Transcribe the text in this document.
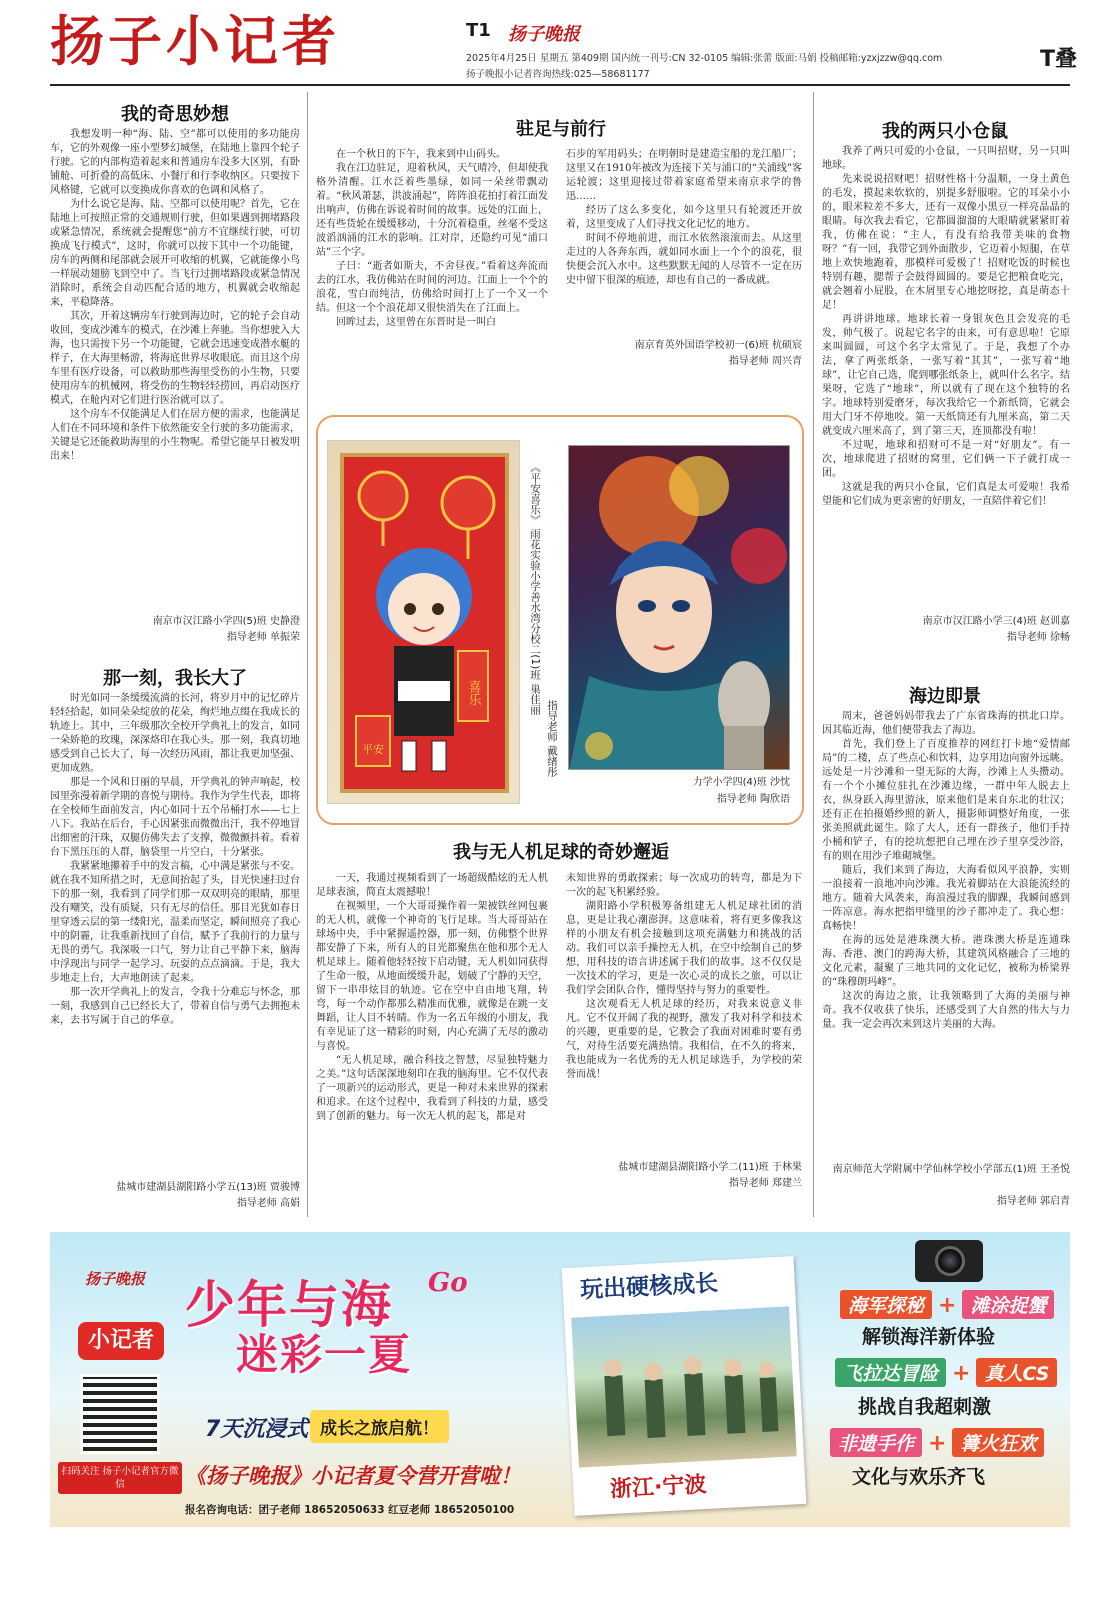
扬子小记者	T1 扬子晚报
2025年4月25日 星期五 第409期 国内统一刊号:CN 32-0105 编辑:张蕾 版面:马娟 投稿邮箱:yzxjzzw@qq.com
扬子晚报小记者咨询热线:025—58681177
T叠
我的奇思妙想

我想发明一种“海、陆、空”都可以使用的多功能房车，它的外观像一座小型梦幻城堡，在陆地上靠四个轮子行驶。它的内部构造着起来和普通房车没多大区别，有卧铺舱、可折叠的高低床、小餐厅和行李收纳区。只要按下风格键，它就可以变换成你喜欢的色调和风格了。

为什么说它是海、陆、空都可以使用呢？首先，它在陆地上可按照正常的交通规则行驶，但如果遇到拥堵路段或紧急情况，系统就会提醒您“前方不宜继续行驶，可切换成飞行模式”，这时，你就可以按下其中一个功能键，房车的两侧和尾部就会展开可收缩的机翼，它就能像小鸟一样展动翅膀飞到空中了。当飞行过拥堵路段或紧急情况消除时，系统会自动匹配合适的地方，机翼就会收缩起来，平稳降落。

其次，开着这辆房车行驶到海边时，它的轮子会自动收回，变成沙滩车的模式，在沙滩上奔驰。当你想驶入大海，也只需按下另一个功能键，它就会迅速变成潜水艇的样子，在大海里畅游，将海底世界尽收眼底。而且这个房车里有医疗设备，可以救助那些海里受伤的小生物，只要使用房车的机械网，将受伤的生物轻轻捞回，再启动医疗模式，在舱内对它们进行医治就可以了。

这个房车不仅能满足人们在居方便的需求，也能满足人们在不同环境和条件下依然能安全行驶的多功能需求，关键是它还能救助海里的小生物呢。希望它能早日被发明出来！

南京市汉江路小学四(5)班 史静澄
指导老师 单振荣
那一刻，我长大了

时光如同一条缓缓流淌的长河，将岁月中的记忆碎片轻轻拾起，如同朵朵绽放的花朵，绚烂地点缀在我成长的轨迹上。其中，三年级那次全校开学典礼上的发言，如同一朵娇艳的玫瑰，深深烙印在我心头。那一刻，我真切地感受到自己长大了，每一次经历风雨，都让我更加坚强、更加成熟。

那是一个风和日丽的早晨，开学典礼的钟声响起，校园里弥漫着新学期的喜悦与期待。我作为学生代表，即将在全校师生面前发言，内心如同十五个吊桶打水——七上八下。我站在后台，手心因紧张而微微出汗，我不停地冒出细密的汗珠，双腿仿佛失去了支撑，微微颤抖着。看着台下黑压压的人群，脑袋里一片空白，十分紧张。

我紧紧地攥着手中的发言稿，心中满是紧张与不安。就在我不知所措之时，无意间抬起了头，目光快速扫过台下的那一刻，我看到了同学们那一双双明亮的眼睛，那里没有嘲笑，没有质疑，只有无尽的信任。那目光犹如春日里穿透云层的第一缕阳光，温柔而坚定，瞬间照亮了我心中的阴霾，让我重新找回了自信，赋予了我前行的力量与无畏的勇气。我深吸一口气，努力让自己平静下来，脑海中浮现出与同学一起学习、玩耍的点点滴滴。于是，我大步地走上台，大声地朗读了起来。

那一次开学典礼上的发言，令我十分难忘与怀念，那一刻，我感到自己已经长大了，带着自信与勇气去拥抱未来，去书写属于自己的华章。

盐城市建湖县湖阳路小学五(13)班 贾骏博
指导老师 高娟
驻足与前行

在一个秋日的下午，我来到中山码头。

我在江边驻足，迎着秋风，天气晴冷，但却使我格外清醒。江水泛着些墨绿，如同一朵丝带飘动着。“秋风萧瑟，洪波涌起”，阵阵浪花拍打着江面发出响声，仿佛在诉说着时间的故事。远处的江面上，还有些货轮在缓缓移动，十分沉着稳重，丝毫不受这波滔汹涌的江水的影响。江对岸，还隐约可见“浦口站”三个字。

子曰：“逝者如斯夫，不舍昼夜。”看着这奔流而去的江水，我仿佛站在时间的河边。江面上一个个的浪花，雪白而纯洁，仿佛给时间打上了一个又一个结。但这一个个浪花却又很快消失在了江面上。

回眸过去，这里曾在东晋时是一叫白

石步的军用码头；在明朝时是建造宝船的龙江船厂；这里又在1910年被改为连接下关与浦口的“关浦线”客运轮渡；这里迎接过带着家庭希望来南京求学的鲁迅……

经历了这么多变化，如今这里只有轮渡还开放着，这里变成了人们寻找文化记忆的地方。

时间不停地前进，而江水依然滚滚而去。从这里走过的人各奔东西，就如同水面上一个个的浪花，很快便会沉入水中。这些默默无闻的人尽管不一定在历史中留下很深的痕迹，却也有自己的一番成就。

南京育英外国语学校初一(6)班 杭硕宸
指导老师 周兴青
喜乐
平安
《平安喜乐》 雨花实验小学善水湾分校二(1)班 巢佳丽
指导老师 戴绪彤
力学小学四(4)班 沙忱
指导老师 陶欣语
我与无人机足球的奇妙邂逅

一天，我通过视频看到了一场超级酷炫的无人机足球表演，简直太震撼啦！

在视频里，一个大哥哥操作着一架被铁丝网包裹的无人机，就像一个神奇的飞行足球。当大哥哥站在球场中央，手中紧握遥控器，那一刻，仿佛整个世界都安静了下来，所有人的目光都聚焦在他和那个无人机足球上。随着他轻轻按下启动键，无人机如同获得了生命一般，从地面缓缓升起，划破了宁静的天空，留下一串串炫目的轨迹。它在空中自由地飞翔，转弯，每一个动作都那么精准而优雅，就像是在跳一支舞蹈，让人目不转睛。作为一名五年级的小朋友，我有幸见证了这一精彩的时刻，内心充满了无尽的激动与喜悦。

“无人机足球，融合科技之智慧，尽显独特魅力之美。”这句话深深地刻印在我的脑海里。它不仅代表了一项新兴的运动形式，更是一种对未来世界的探索和追求。在这个过程中，我看到了科技的力量，感受到了创新的魅力。每一次无人机的起飞，都是对

未知世界的勇敢探索；每一次成功的转弯，都是为下一次的起飞积累经验。

湖阳路小学积极筹备组建无人机足球社团的消息，更是让我心潮澎湃。这意味着，将有更多像我这样的小朋友有机会接触到这项充满魅力和挑战的活动。我们可以亲手操控无人机，在空中绘制自己的梦想，用科技的语言讲述属于我们的故事。这不仅仅是一次技术的学习，更是一次心灵的成长之旅，可以让我们学会团队合作，懂得坚持与努力的重要性。

这次观看无人机足球的经历，对我来说意义非凡。它不仅开阔了我的视野，激发了我对科学和技术的兴趣，更重要的是，它教会了我面对困难时要有勇气，对待生活要充满热情。我相信，在不久的将来，我也能成为一名优秀的无人机足球选手，为学校的荣誉而战！

盐城市建湖县湖阳路小学二(11)班 于林果
指导老师 郑建兰
我的两只小仓鼠

我养了两只可爱的小仓鼠，一只叫招财，另一只叫地球。

先来说说招财吧！招财性格十分温顺，一身土黄色的毛发，摸起来软软的，别提多舒服啦。它的耳朵小小的，眼米粒差不多大，还有一双像小黑豆一样亮晶晶的眼睛。每次我去看它，它都圆溜溜的大眼睛就紧紧盯着我，仿佛在说：“主人，有没有给我带美味的食物呀？”有一回，我带它到外面散步，它迈着小短腿，在草地上欢快地跑着，那模样可爱极了！招财吃饭的时候也特别有趣，腮帮子会鼓得圆圆的。要是它把粮食吃完，就会翘着小屁股，在木屑里专心地挖呀挖，真是萌态十足！

再讲讲地球。地球长着一身银灰色且会发亮的毛发，帅气极了。说起它名字的由来，可有意思啦！它原来叫圆圆，可这个名字太常见了。于是，我想了个办法，拿了两张纸条，一张写着“其其”，一张写着“地球”，让它自己选，爬到哪张纸条上，就叫什么名字。结果呀，它选了“地球”，所以就有了现在这个独特的名字。地球特别爱磨牙，每次我给它一个新纸筒，它就会用大门牙不停地咬。第一天纸筒还有九厘米高，第二天就变成六厘米高了，到了第三天，连顶都没有啦！

不过呢，地球和招财可不是一对“好朋友”。有一次，地球爬进了招财的窝里，它们俩一下子就打成一团。

这就是我的两只小仓鼠，它们真是太可爱啦！我希望能和它们成为更亲密的好朋友，一直陪伴着它们！

南京市汉江路小学三(4)班 赵训嘉
指导老师 徐畅
海边即景

周末，爸爸妈妈带我去了广东省珠海的拱北口岸。因其临近海，他们便带我去了海边。

首先，我们登上了百度推荐的网红打卡地“爱情邮局”的二楼，点了些点心和饮料，边享用边向窗外远眺。远处是一片沙滩和一望无际的大海，沙滩上人头攒动。有一个个小摊位驻扎在沙滩边缘，一群中年人脱去上衣，纵身跃入海里游泳，原来他们是来自东北的壮汉；还有正在拍摄婚纱照的新人，摄影师调整好角度，一张张美照就此诞生。除了大人，还有一群孩子，他们手持小桶和铲子，有的挖坑想把自己埋在沙子里享受沙浴，有的则在用沙子堆砌城堡。

随后，我们来到了海边，大海看似风平浪静，实则一浪接着一浪地冲向沙滩。我光着脚站在大浪能流经的地方。随着大风袭来，海浪漫过我的脚踝，我瞬间感到一阵凉意。海水把指甲缝里的沙子都冲走了。我心想：真畅快！

在海的远处是港珠澳大桥。港珠澳大桥是连通珠海、香港、澳门的跨海大桥，其建筑风格融合了三地的文化元素，凝聚了三地共同的文化记忆，被称为桥梁界的“珠穆朗玛峰”。

这次的海边之旅，让我领略到了大海的美丽与神奇。我不仅收获了快乐，还感受到了大自然的伟大与力量。我一定会再次来到这片美丽的大海。

南京师范大学附属中学仙林学校小学部五(1)班 王圣悦
指导老师 郭启青
扬子晚报
小记者
扫码关注 扬子小记者官方微信
少年与海 Go
迷彩一夏
7天沉浸式 成长之旅启航！
《扬子晚报》小记者夏令营开营啦！
报名咨询电话：团子老师 18652050633 红豆老师 18652050100
玩出硬核成长
浙江·宁波
海军探秘 + 滩涂捉蟹
解锁海洋新体验
飞拉达冒险 + 真人CS
挑战自我超刺激
非遗手作 + 篝火狂欢
文化与欢乐齐飞
